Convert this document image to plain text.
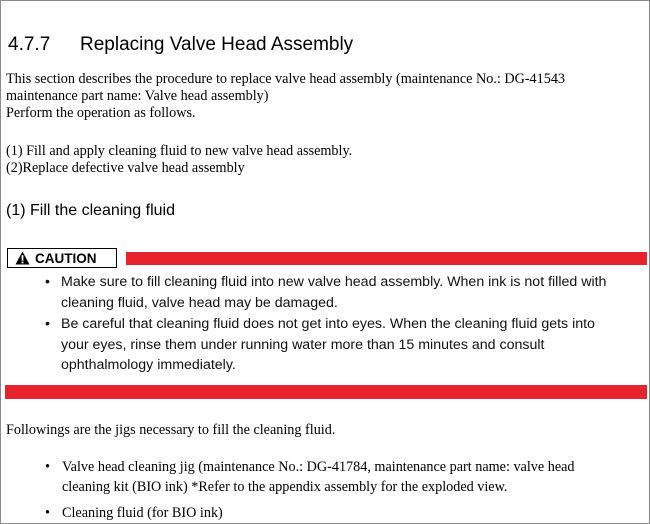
4.7.7 Replacing Valve Head Assembly
This section describes the procedure to replace valve head assembly (maintenance No.: DG-41543
maintenance part name: Valve head assembly)
Perform the operation as follows.
(1) Fill and apply cleaning fluid to new valve head assembly.
(2)Replace defective valve head assembly
(1) Fill the cleaning fluid
CAUTION
• Make sure to fill cleaning fluid into new valve head assembly. When ink is not filled with
cleaning fluid, valve head may be damaged.
• Be careful that cleaning fluid does not get into eyes. When the cleaning fluid gets into
your eyes, rinse them under running water more than 15 minutes and consult
ophthalmology immediately.
Followings are the jigs necessary to fill the cleaning fluid.
• Valve head cleaning jig (maintenance No.: DG-41784, maintenance part name: valve head
cleaning kit (BIO ink) *Refer to the appendix assembly for the exploded view.
• Cleaning fluid (for BIO ink)
